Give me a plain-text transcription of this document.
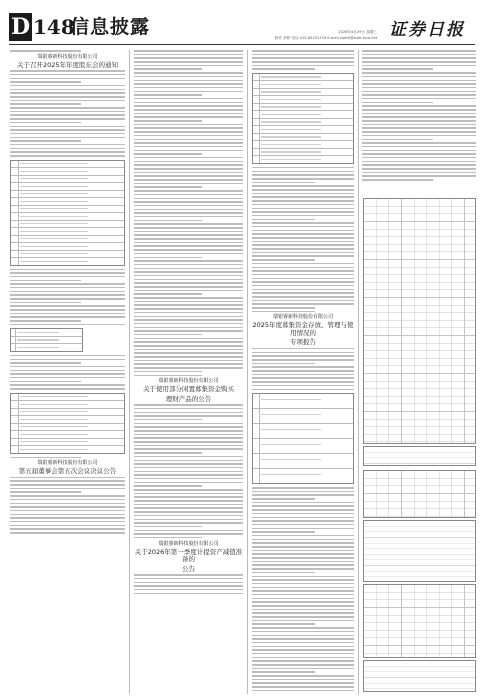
D 148
信息披露	2026年4月29日 星期三
制作 李婷 电话 010-83251716 E-mail zqrb9@zqrb.sina.net 证券日报
瑞银睿新科技股份有限公司
关于召开2025年年度股东会的通知
瑞银睿新科技股份有限公司
第五届董事会第五次会议决议公告
瑞银睿新科技股份有限公司
关于使用部分闲置募集资金购买
理财产品的公告
瑞银睿新科技股份有限公司
关于2026年第一季度计提资产减值准备的
公告
瑞银睿新科技股份有限公司
2025年度募集资金存放、管理与使用情况的
专项报告
